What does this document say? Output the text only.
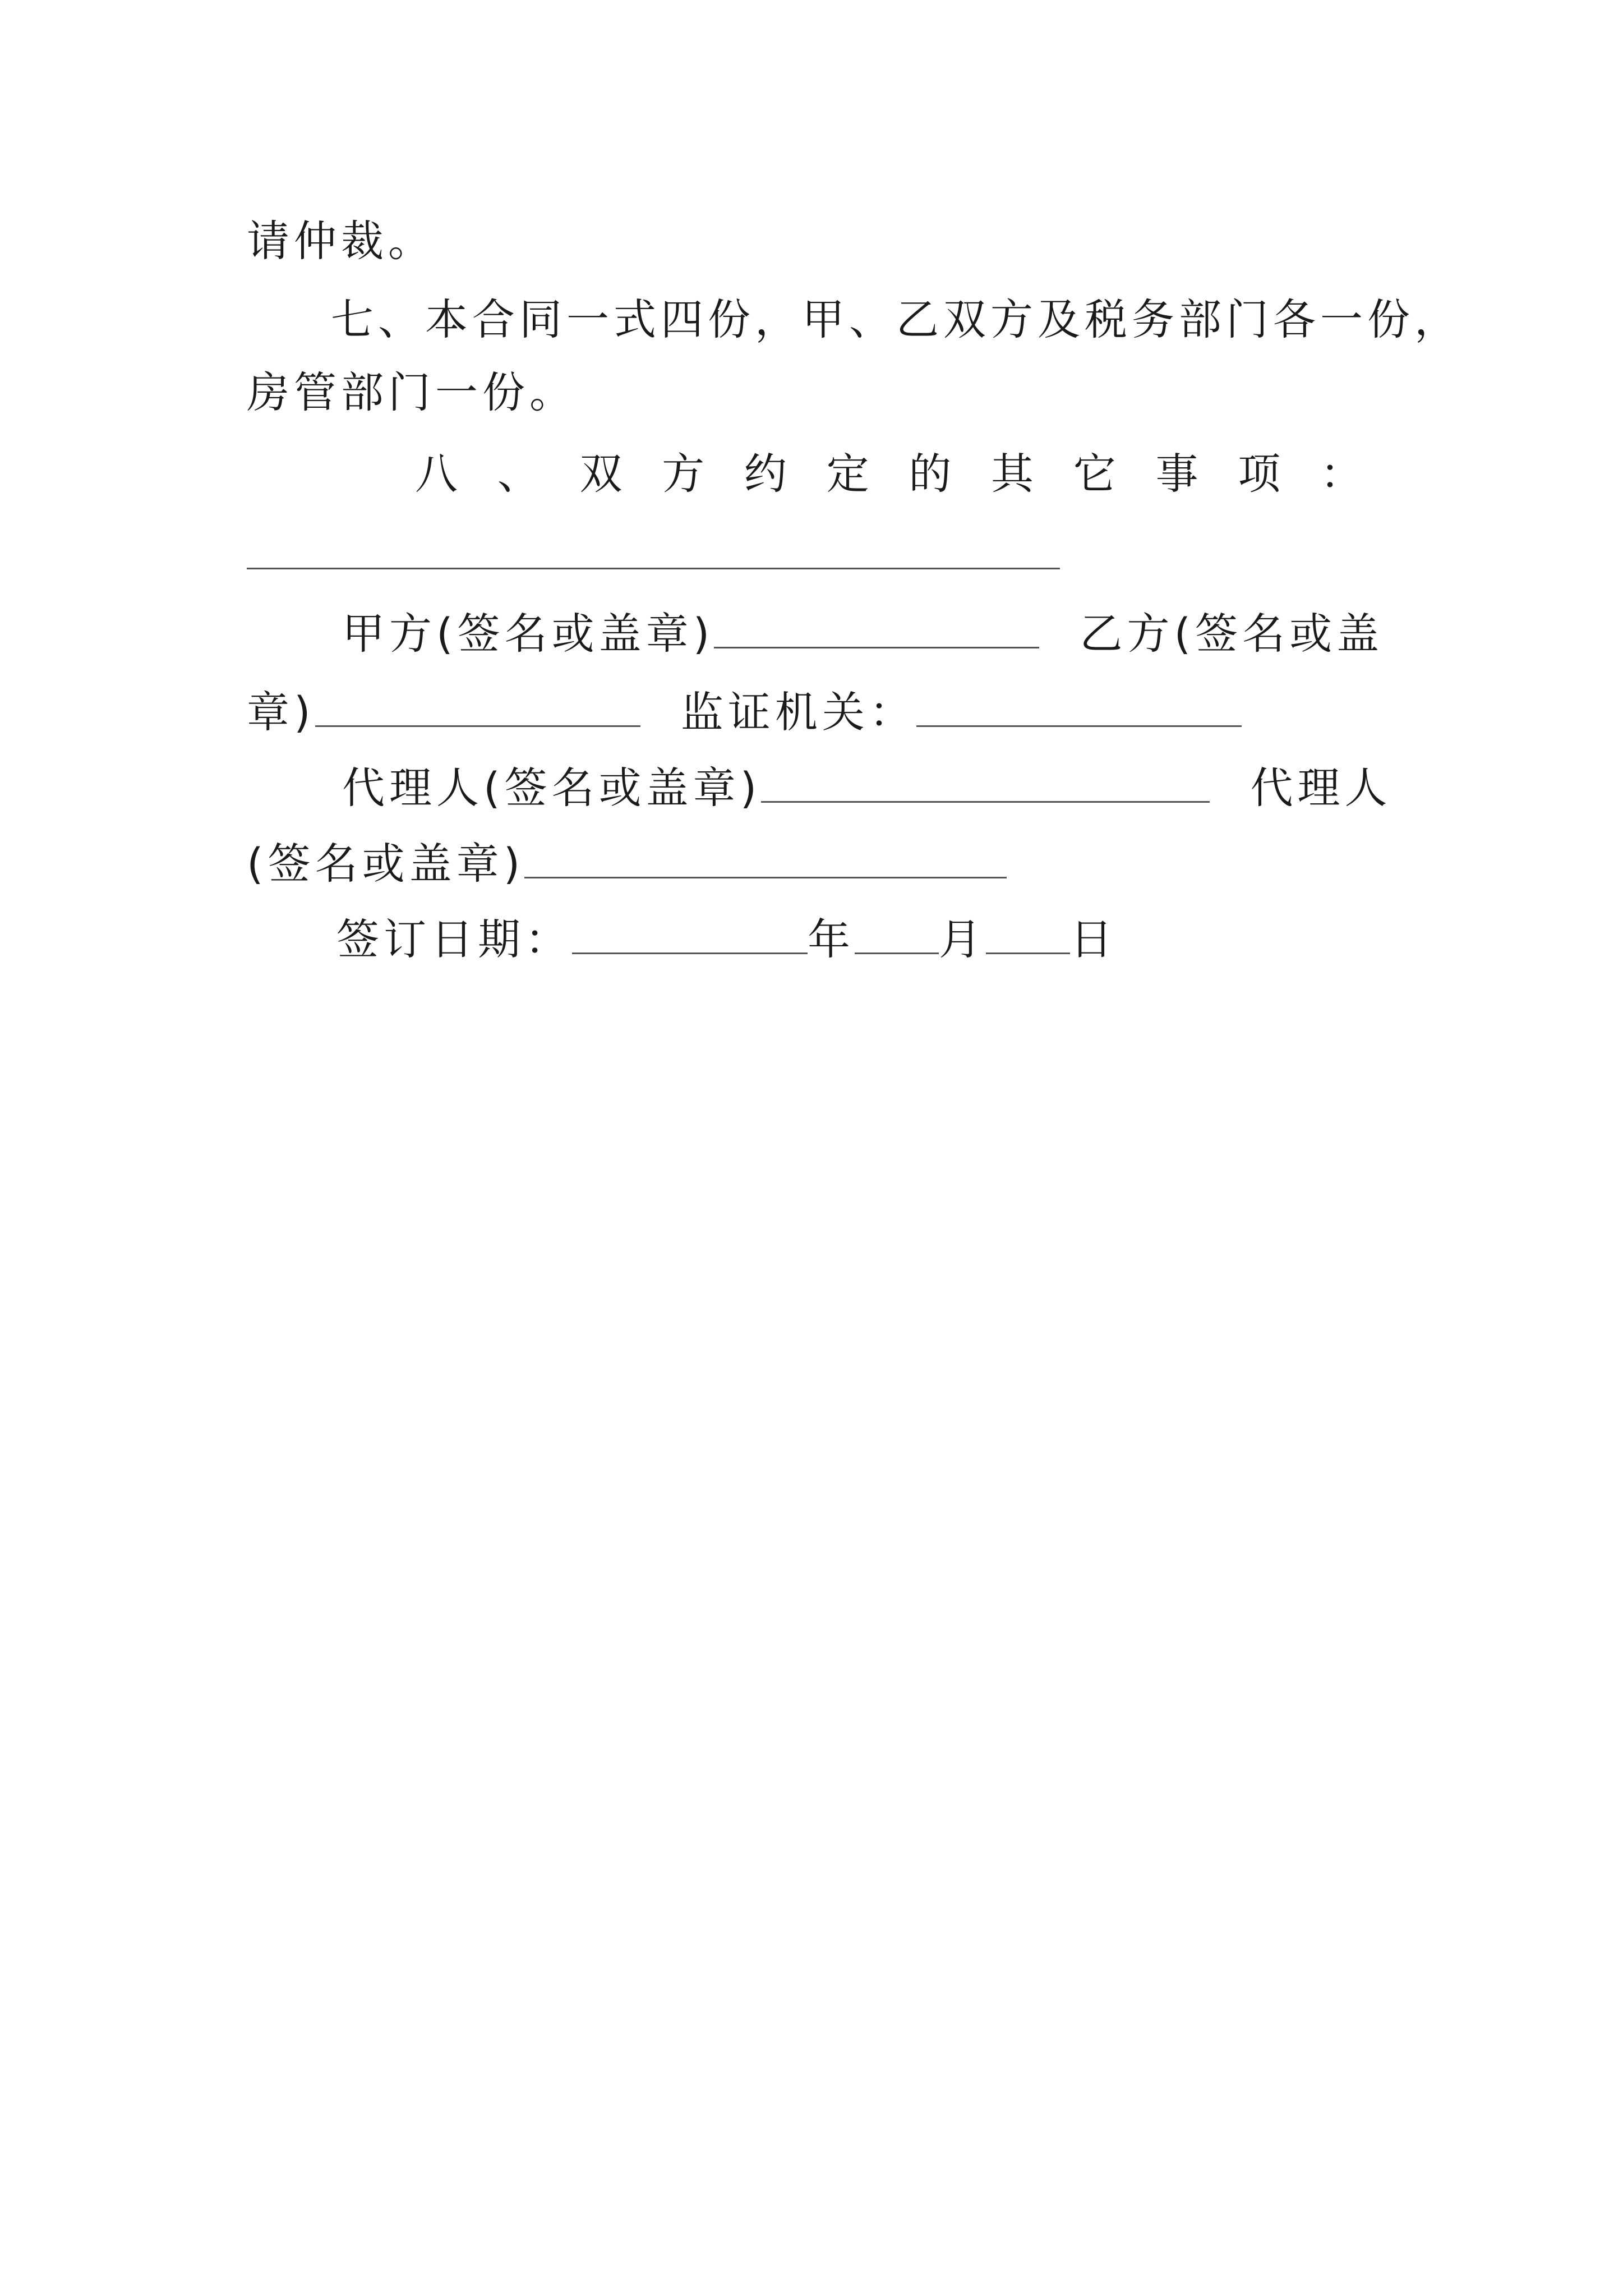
请仲裁。
七、本合同一式四份，甲、乙双方及税务部门各一份，
房管部门一份。
八 、 双 方 约 定 的 其 它 事 项 ：
甲方(签名或盖章)	乙方(签名或盖
章)	监证机关：
代理人(签名或盖章)	代理人
(签名或盖章)
签订日期：	年 月 日
